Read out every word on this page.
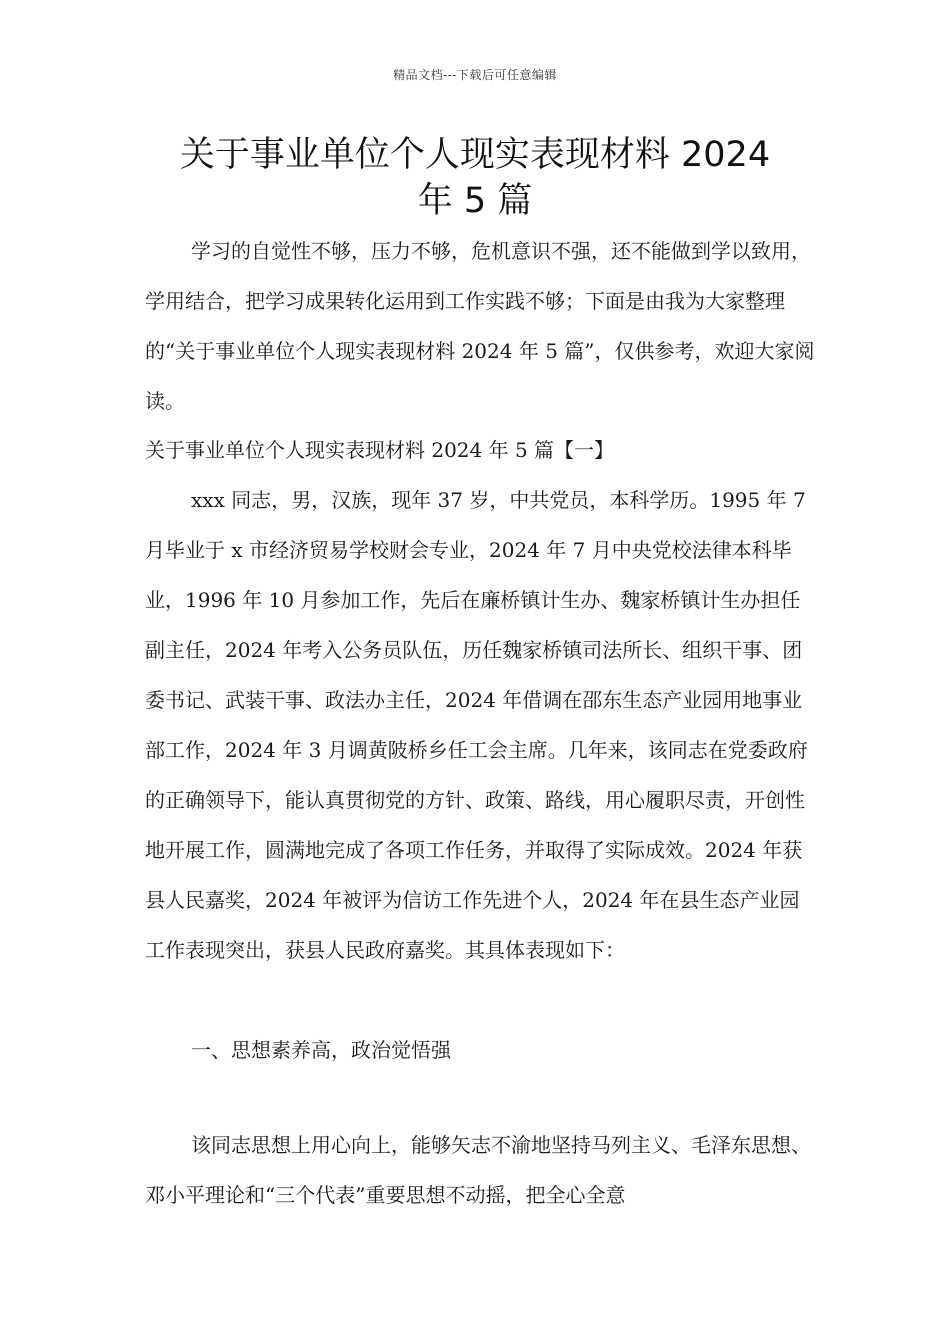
精品文档---下载后可任意编辑
关于事业单位个人现实表现材料 2024
年 5 篇

学习的自觉性不够，压力不够，危机意识不强，还不能做到学以致用，学用结合，把学习成果转化运用到工作实践不够；下面是由我为大家整理的“关于事业单位个人现实表现材料 2024 年 5 篇”，仅供参考，欢迎大家阅读。

关于事业单位个人现实表现材料 2024 年 5 篇【一】

xxx 同志，男，汉族，现年 37 岁，中共党员，本科学历。1995 年 7 月毕业于 x 市经济贸易学校财会专业，2024 年 7 月中央党校法律本科毕业，1996 年 10 月参加工作，先后在廉桥镇计生办、魏家桥镇计生办担任副主任，2024 年考入公务员队伍，历任魏家桥镇司法所长、组织干事、团委书记、武装干事、政法办主任，2024 年借调在邵东生态产业园用地事业部工作，2024 年 3 月调黄陂桥乡任工会主席。几年来，该同志在党委政府的正确领导下，能认真贯彻党的方针、政策、路线，用心履职尽责，开创性地开展工作，圆满地完成了各项工作任务，并取得了实际成效。2024 年获县人民嘉奖，2024 年被评为信访工作先进个人，2024 年在县生态产业园工作表现突出，获县人民政府嘉奖。其具体表现如下：

一、思想素养高，政治觉悟强

该同志思想上用心向上，能够矢志不渝地坚持马列主义、毛泽东思想、邓小平理论和“三个代表”重要思想不动摇，把全心全意
